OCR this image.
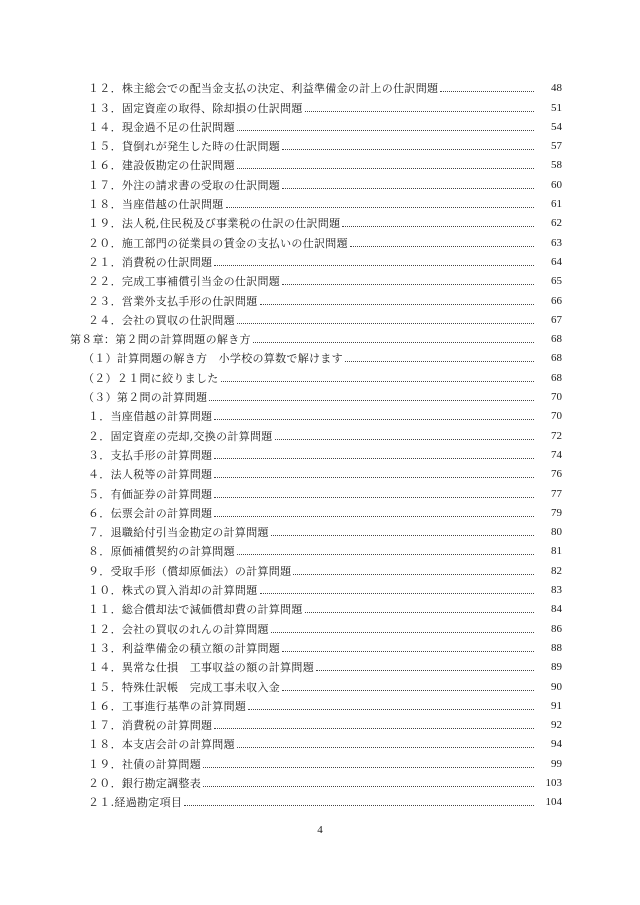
１２．株主総会での配当金支払の決定、利益準備金の計上の仕訳問題	48
１３．固定資産の取得、除却損の仕訳問題	51
１４．現金過不足の仕訳問題	54
１５．貸倒れが発生した時の仕訳問題	57
１６．建設仮勘定の仕訳問題	58
１７．外注の請求書の受取の仕訳問題	60
１８．当座借越の仕訳問題	61
１９．法人税,住民税及び事業税の仕訳の仕訳問題	62
２０．施工部門の従業員の賃金の支払いの仕訳問題	63
２１．消費税の仕訳問題	64
２２．完成工事補償引当金の仕訳問題	65
２３．営業外支払手形の仕訳問題	66
２４．会社の買収の仕訳問題	67
第８章：第２問の計算問題の解き方	68
（１）計算問題の解き方　小学校の算数で解けます	68
（２）２１問に絞りました	68
（３）第２問の計算問題	70
１．当座借越の計算問題	70
２．固定資産の売却,交換の計算問題	72
３．支払手形の計算問題	74
４．法人税等の計算問題	76
５．有価証券の計算問題	77
６．伝票会計の計算問題	79
７．退職給付引当金勘定の計算問題	80
８．原価補償契約の計算問題	81
９．受取手形（償却原価法）の計算問題	82
１０．株式の買入消却の計算問題	83
１１．総合償却法で減価償却費の計算問題	84
１２．会社の買収のれんの計算問題	86
１３．利益準備金の積立額の計算問題	88
１４．異常な仕損　工事収益の額の計算問題	89
１５．特殊仕訳帳　完成工事未収入金	90
１６．工事進行基準の計算問題	91
１７．消費税の計算問題	92
１８．本支店会計の計算問題	94
１９．社債の計算問題	99
２０．銀行勘定調整表	103
２１.経過勘定項目	104
4
